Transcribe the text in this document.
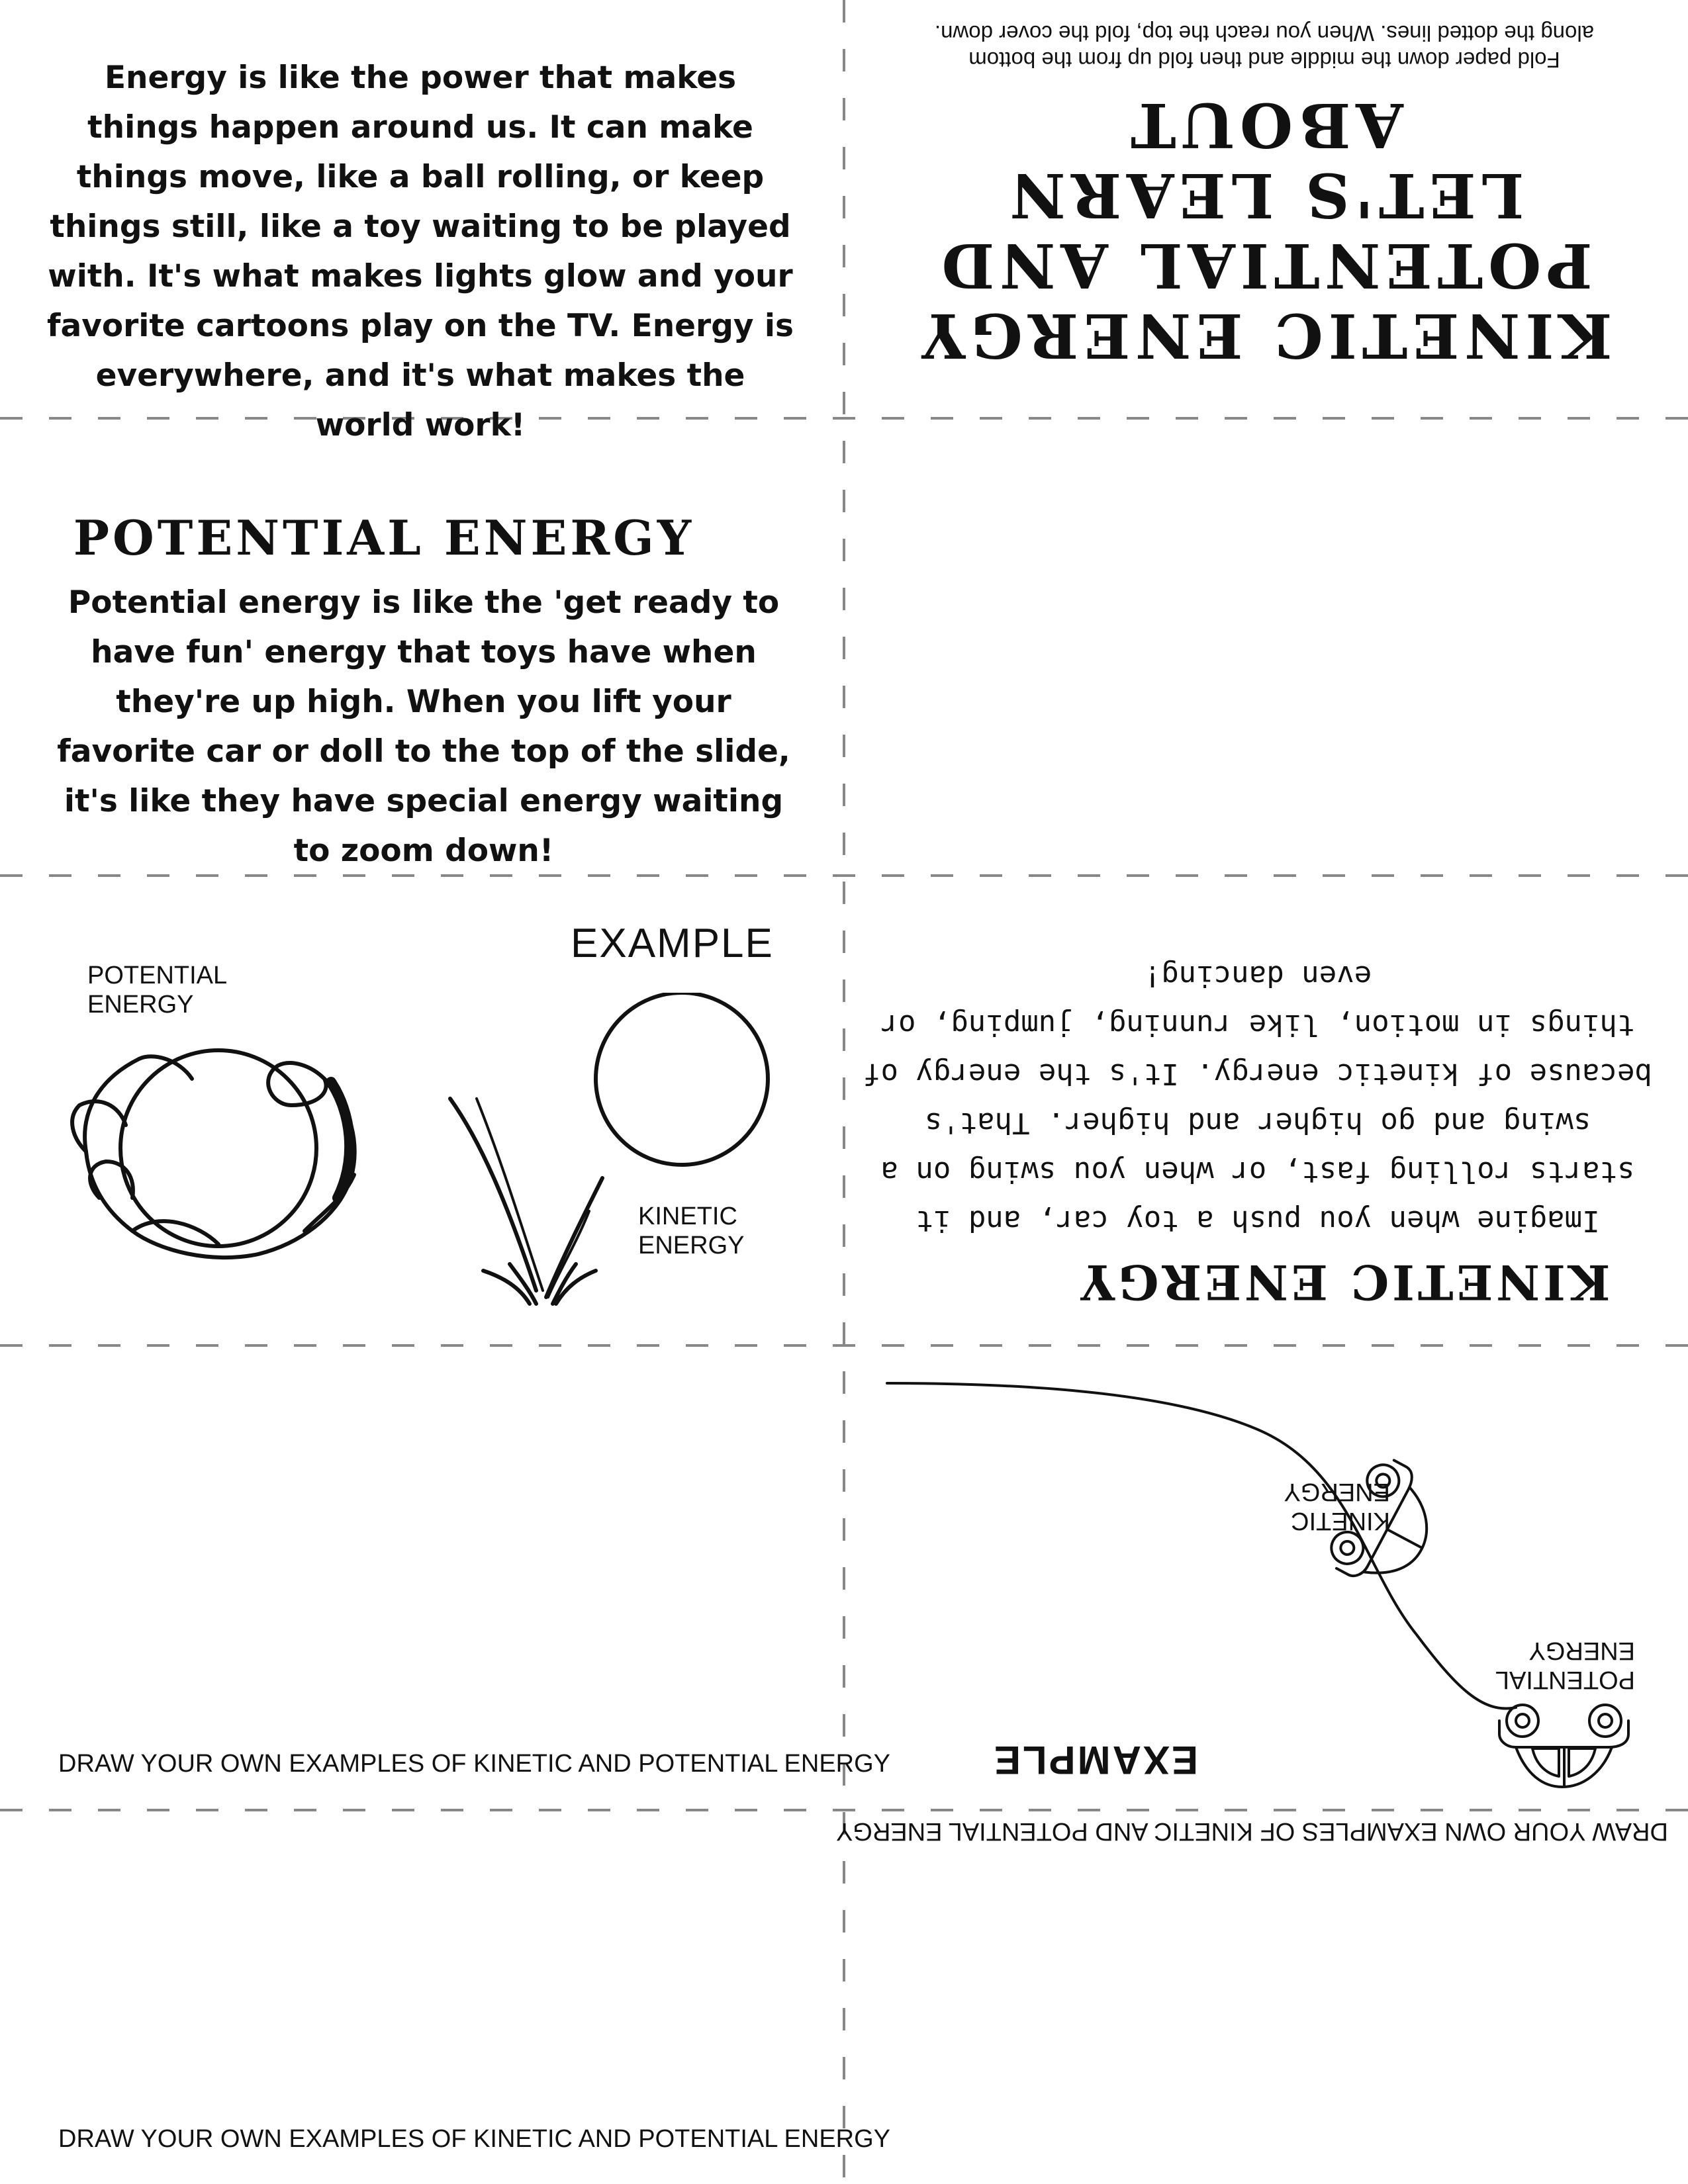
Energy is like the power that makes things happen around us. It can make things move, like a ball rolling, or keep things still, like a toy waiting to be played with. It's what makes lights glow and your favorite cartoons play on the TV. Energy is everywhere, and it's what makes the world work!

KINETIC ENERGY
POTENTIAL AND
LET'S LEARN ABOUT
Fold paper down the middle and then fold up from the bottom
along the dotted lines. When you reach the top, fold the cover down.
POTENTIAL ENERGY

Potential energy is like the 'get ready to have fun' energy that toys have when they're up high. When you lift your favorite car or doll to the top of the slide, it's like they have special energy waiting to zoom down!

EXAMPLE
POTENTIAL ENERGY
KINETIC ENERGY
KINETIC ENERGY

Imagine when you push a toy car, and it starts rolling fast, or when you swing on a swing and go higher and higher. That's because of kinetic energy. It's the energy of things in motion, like running, jumping, or even dancing!

DRAW YOUR OWN EXAMPLES OF KINETIC AND POTENTIAL ENERGY	EXAMPLE
POTENTIAL ENERGY
KINETIC ENERGY
DRAW YOUR OWN EXAMPLES OF KINETIC AND POTENTIAL ENERGY
DRAW YOUR OWN EXAMPLES OF KINETIC AND POTENTIAL ENERGY
